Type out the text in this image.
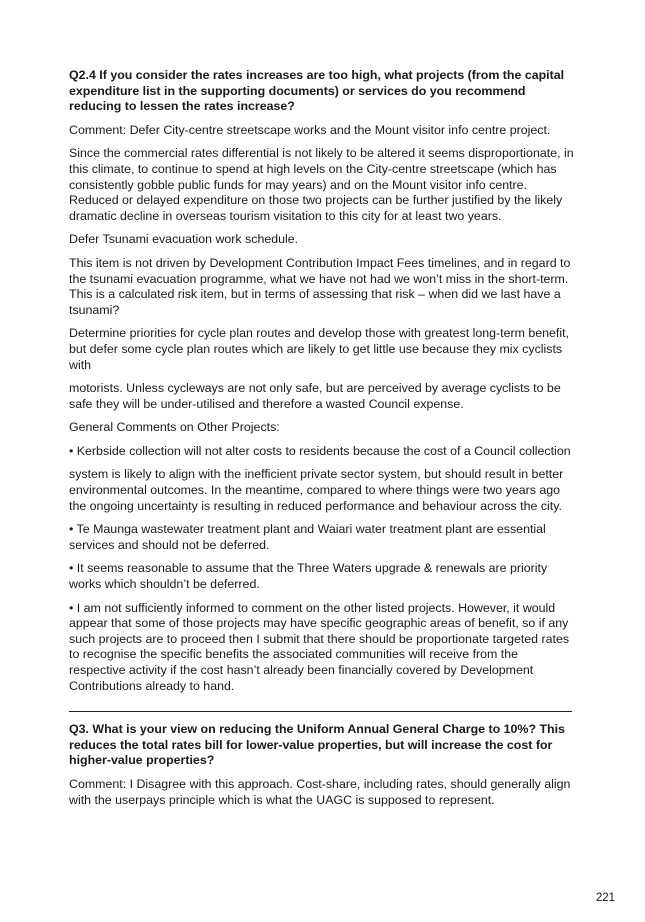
Q2.4 If you consider the rates increases are too high, what projects (from the capital expenditure list in the supporting documents) or services do you recommend reducing to lessen the rates increase?

Comment: Defer City-centre streetscape works and the Mount visitor info centre project.

Since the commercial rates differential is not likely to be altered it seems disproportionate, in this climate, to continue to spend at high levels on the City-centre streetscape (which has consistently gobble public funds for may years) and on the Mount visitor info centre. Reduced or delayed expenditure on those two projects can be further justified by the likely dramatic decline in overseas tourism visitation to this city for at least two years.

Defer Tsunami evacuation work schedule.

This item is not driven by Development Contribution Impact Fees timelines, and in regard to the tsunami evacuation programme, what we have not had we won’t miss in the short-term. This is a calculated risk item, but in terms of assessing that risk – when did we last have a tsunami?

Determine priorities for cycle plan routes and develop those with greatest long-term benefit, but defer some cycle plan routes which are likely to get little use because they mix cyclists with

motorists. Unless cycleways are not only safe, but are perceived by average cyclists to be safe they will be under-utilised and therefore a wasted Council expense.

General Comments on Other Projects:

• Kerbside collection will not alter costs to residents because the cost of a Council collection

system is likely to align with the inefficient private sector system, but should result in better environmental outcomes. In the meantime, compared to where things were two years ago the ongoing uncertainty is resulting in reduced performance and behaviour across the city.

• Te Maunga wastewater treatment plant and Waiari water treatment plant are essential services and should not be deferred.

• It seems reasonable to assume that the Three Waters upgrade & renewals are priority works which shouldn’t be deferred.

• I am not sufficiently informed to comment on the other listed projects. However, it would appear that some of those projects may have specific geographic areas of benefit, so if any such projects are to proceed then I submit that there should be proportionate targeted rates to recognise the specific benefits the associated communities will receive from the respective activity if the cost hasn’t already been financially covered by Development Contributions already to hand.

Q3. What is your view on reducing the Uniform Annual General Charge to 10%? This reduces the total rates bill for lower-value properties, but will increase the cost for higher-value properties?

Comment: I Disagree with this approach. Cost-share, including rates, should generally align with the userpays principle which is what the UAGC is supposed to represent.

221
